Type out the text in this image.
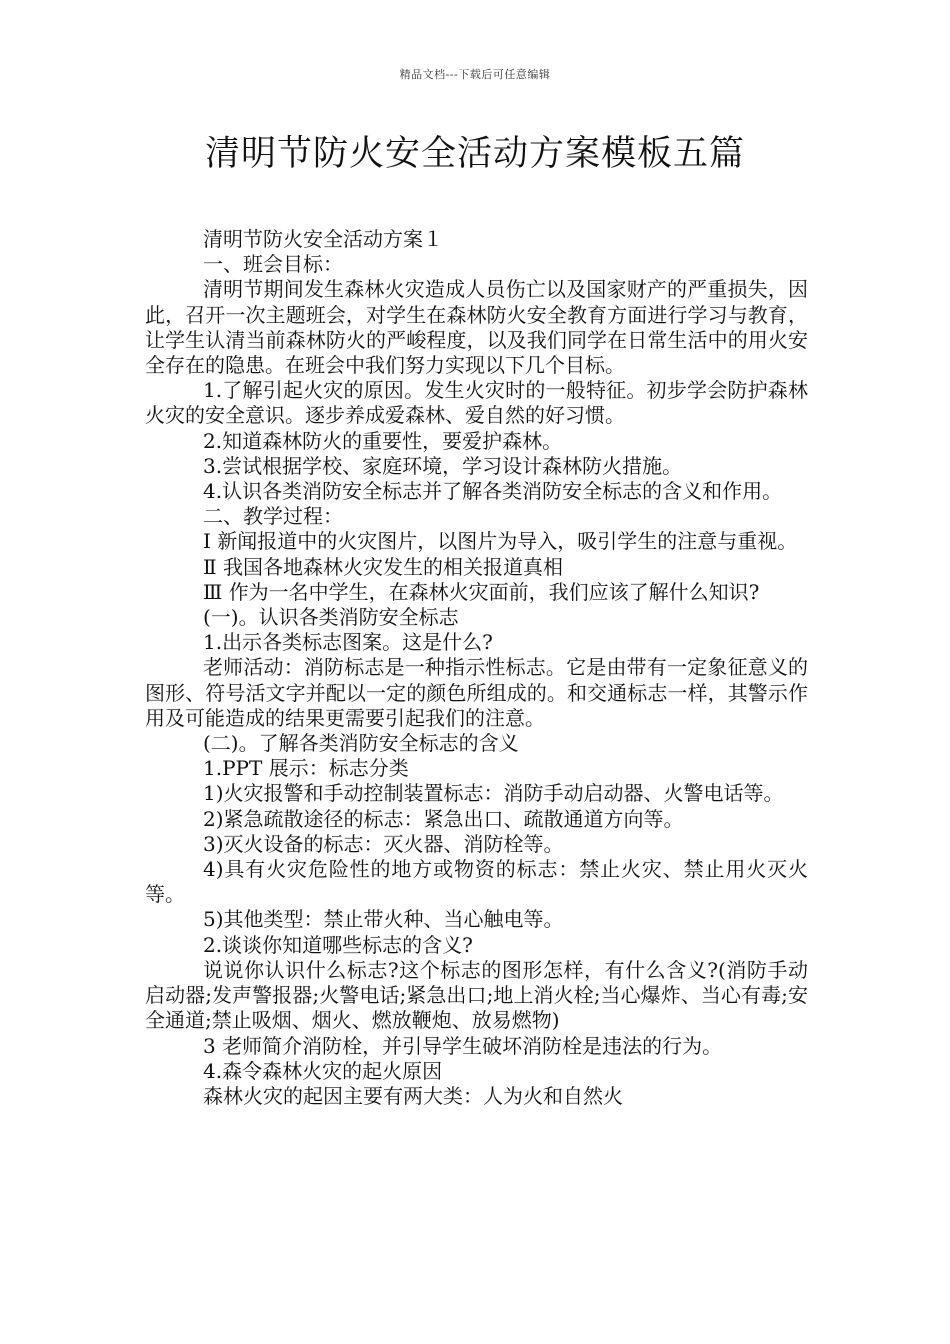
精品文档---下载后可任意编辑
清明节防火安全活动方案模板五篇

清明节防火安全活动方案１

一、班会目标：

清明节期间发生森林火灾造成人员伤亡以及国家财产的严重损失，因此，召开一次主题班会，对学生在森林防火安全教育方面进行学习与教育，让学生认清当前森林防火的严峻程度，以及我们同学在日常生活中的用火安全存在的隐患。在班会中我们努力实现以下几个目标。

1.了解引起火灾的原因。发生火灾时的一般特征。初步学会防护森林火灾的安全意识。逐步养成爱森林、爱自然的好习惯。

2.知道森林防火的重要性，要爱护森林。

3.尝试根据学校、家庭环境，学习设计森林防火措施。

4.认识各类消防安全标志并了解各类消防安全标志的含义和作用。

二、教学过程：

Ⅰ 新闻报道中的火灾图片，以图片为导入，吸引学生的注意与重视。

Ⅱ 我国各地森林火灾发生的相关报道真相

Ⅲ 作为一名中学生，在森林火灾面前，我们应该了解什么知识?

(一)。认识各类消防安全标志

1.出示各类标志图案。这是什么?

老师活动：消防标志是一种指示性标志。它是由带有一定象征意义的图形、符号活文字并配以一定的颜色所组成的。和交通标志一样，其警示作用及可能造成的结果更需要引起我们的注意。

(二)。了解各类消防安全标志的含义

1.PPT 展示：标志分类

1)火灾报警和手动控制装置标志：消防手动启动器、火警电话等。

2)紧急疏散途径的标志：紧急出口、疏散通道方向等。

3)灭火设备的标志：灭火器、消防栓等。

4)具有火灾危险性的地方或物资的标志：禁止火灾、禁止用火灭火等。

5)其他类型：禁止带火种、当心触电等。

2.谈谈你知道哪些标志的含义?

说说你认识什么标志?这个标志的图形怎样，有什么含义?(消防手动启动器;发声警报器;火警电话;紧急出口;地上消火栓;当心爆炸、当心有毒;安全通道;禁止吸烟、烟火、燃放鞭炮、放易燃物)

3 老师简介消防栓，并引导学生破坏消防栓是违法的行为。

4.森令森林火灾的起火原因

森林火灾的起因主要有两大类：人为火和自然火
